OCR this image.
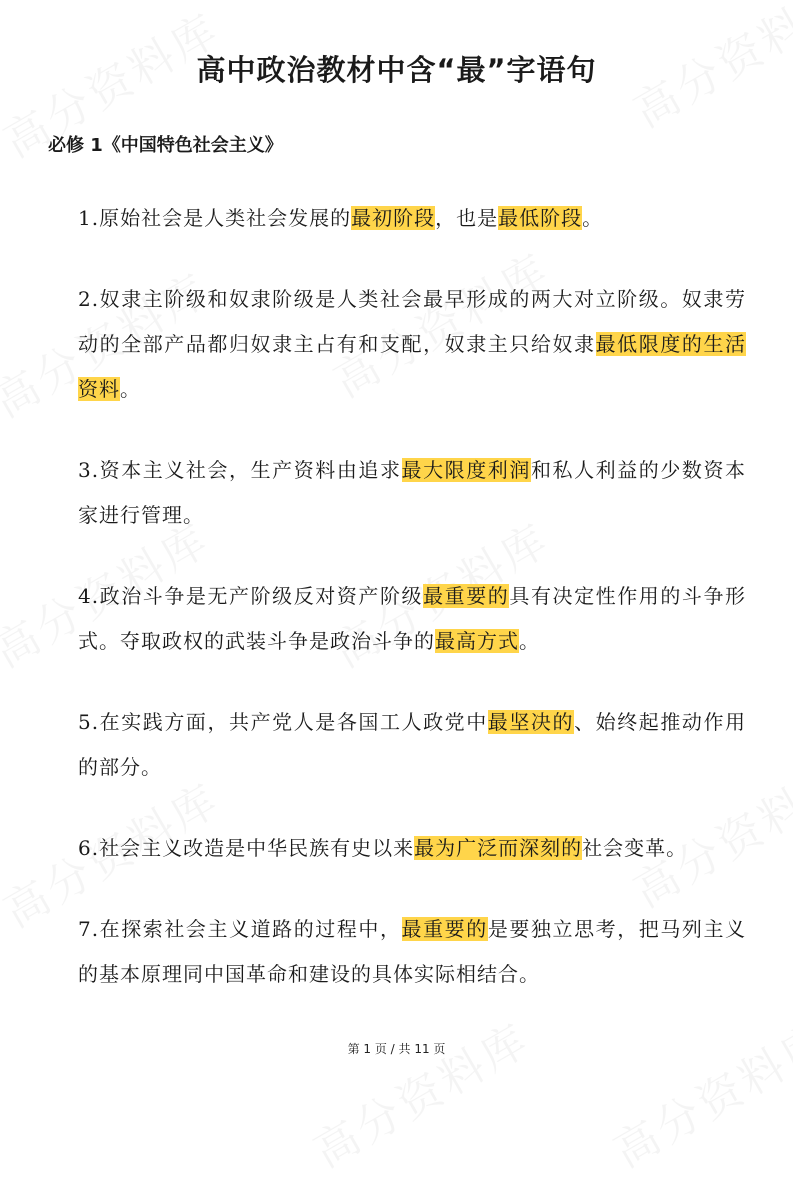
高中政治教材中含“最”字语句
必修 1《中国特色社会主义》

1.原始社会是人类社会发展的最初阶段，也是最低阶段。

2.奴隶主阶级和奴隶阶级是人类社会最早形成的两大对立阶级。奴隶劳动的全部产品都归奴隶主占有和支配，奴隶主只给奴隶最低限度的生活资料。

3.资本主义社会，生产资料由追求最大限度利润和私人利益的少数资本家进行管理。

4.政治斗争是无产阶级反对资产阶级最重要的具有决定性作用的斗争形式。夺取政权的武装斗争是政治斗争的最高方式。

5.在实践方面，共产党人是各国工人政党中最坚决的、始终起推动作用的部分。

6.社会主义改造是中华民族有史以来最为广泛而深刻的社会变革。

7.在探索社会主义道路的过程中，最重要的是要独立思考，把马列主义的基本原理同中国革命和建设的具体实际相结合。

第 1 页 / 共 11 页
